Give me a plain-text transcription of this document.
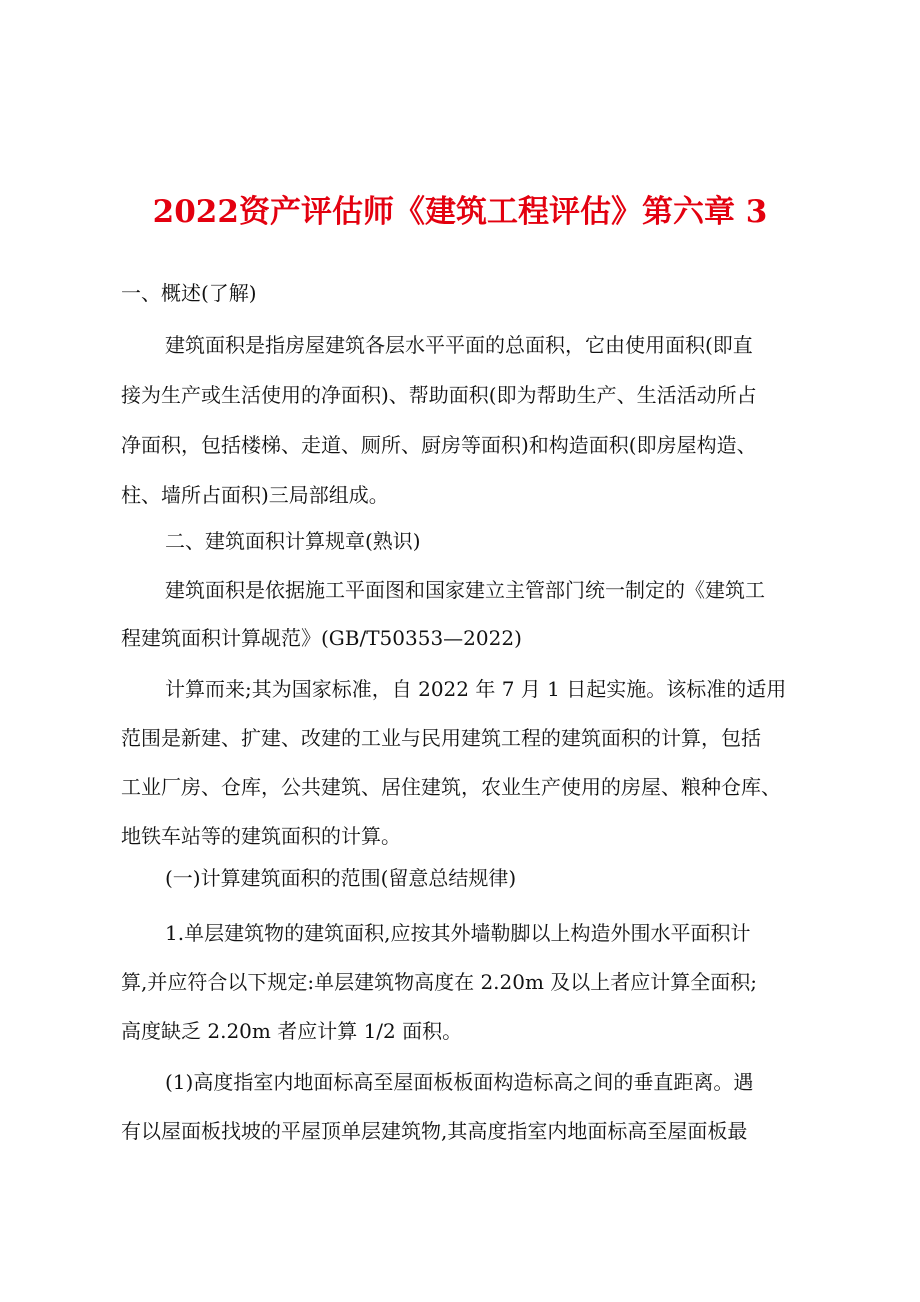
2022资产评估师《建筑工程评估》第六章 3
一、概述(了解)
建筑面积是指房屋建筑各层水平平面的总面积，它由使用面积(即直
接为生产或生活使用的净面积)、帮助面积(即为帮助生产、生活活动所占
净面积，包括楼梯、走道、厕所、厨房等面积)和构造面积(即房屋构造、
柱、墙所占面积)三局部组成。
二、建筑面积计算规章(熟识)
建筑面积是依据施工平面图和国家建立主管部门统一制定的《建筑工
程建筑面积计算觇范》(GB/T50353—2022)
计算而来;其为国家标准，自 2022 年 7 月 1 日起实施。该标准的适用
范围是新建、扩建、改建的工业与民用建筑工程的建筑面积的计算，包括
工业厂房、仓库，公共建筑、居住建筑，农业生产使用的房屋、粮种仓库、
地铁车站等的建筑面积的计算。
(一)计算建筑面积的范围(留意总结规律)
1.单层建筑物的建筑面积,应按其外墙勒脚以上构造外围水平面积计
算,并应符合以下规定:单层建筑物高度在 2.20m 及以上者应计算全面积;
高度缺乏 2.20m 者应计算 1/2 面积。
(1)高度指室内地面标高至屋面板板面构造标高之间的垂直距离。遇
有以屋面板找坡的平屋顶单层建筑物,其高度指室内地面标高至屋面板最
